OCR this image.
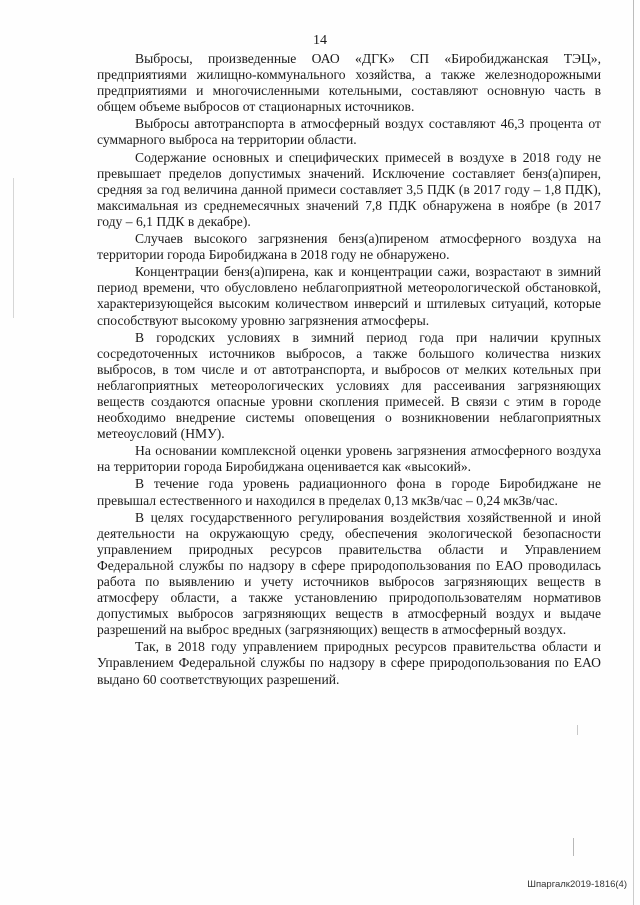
14

Выбросы, произведенные ОАО «ДГК» СП «Биробиджанская ТЭЦ», предприятиями жилищно-коммунального хозяйства, а также железнодорожными предприятиями и многочисленными котельными, составляют основную часть в общем объеме выбросов от стационарных источников.

Выбросы автотранспорта в атмосферный воздух составляют 46,3 процента от суммарного выброса на территории области.

Содержание основных и специфических примесей в воздухе в 2018 году не превышает пределов допустимых значений. Исключение составляет бенз(а)пирен, средняя за год величина данной примеси составляет 3,5 ПДК (в 2017 году – 1,8 ПДК), максимальная из среднемесячных значений 7,8 ПДК обнаружена в ноябре (в 2017 году – 6,1 ПДК в декабре).

Случаев высокого загрязнения бенз(а)пиреном атмосферного воздуха на территории города Биробиджана в 2018 году не обнаружено.

Концентрации бенз(а)пирена, как и концентрации сажи, возрастают в зимний период времени, что обусловлено неблагоприятной метеорологической обстановкой, характеризующейся высоким количеством инверсий и штилевых ситуаций, которые способствуют высокому уровню загрязнения атмосферы.

В городских условиях в зимний период года при наличии крупных сосредоточенных источников выбросов, а также большого количества низких выбросов, в том числе и от автотранспорта, и выбросов от мелких котельных при неблагоприятных метеорологических условиях для рассеивания загрязняющих веществ создаются опасные уровни скопления примесей. В связи с этим в городе необходимо внедрение системы оповещения о возникновении неблагоприятных метеоусловий (НМУ).

На основании комплексной оценки уровень загрязнения атмосферного воздуха на территории города Биробиджана оценивается как «высокий».

В течение года уровень радиационного фона в городе Биробиджане не превышал естественного и находился в пределах 0,13 мкЗв/час – 0,24 мкЗв/час.

В целях государственного регулирования воздействия хозяйственной и иной деятельности на окружающую среду, обеспечения экологической безопасности управлением природных ресурсов правительства области и Управлением Федеральной службы по надзору в сфере природопользования по ЕАО проводилась работа по выявлению и учету источников выбросов загрязняющих веществ в атмосферу области, а также установлению природопользователям нормативов допустимых выбросов загрязняющих веществ в атмосферный воздух и выдаче разрешений на выброс вредных (загрязняющих) веществ в атмосферный воздух.

Так, в 2018 году управлением природных ресурсов правительства области и Управлением Федеральной службы по надзору в сфере природопользования по ЕАО выдано 60 соответствующих разрешений.

Шпаргалк2019-1816(4)
